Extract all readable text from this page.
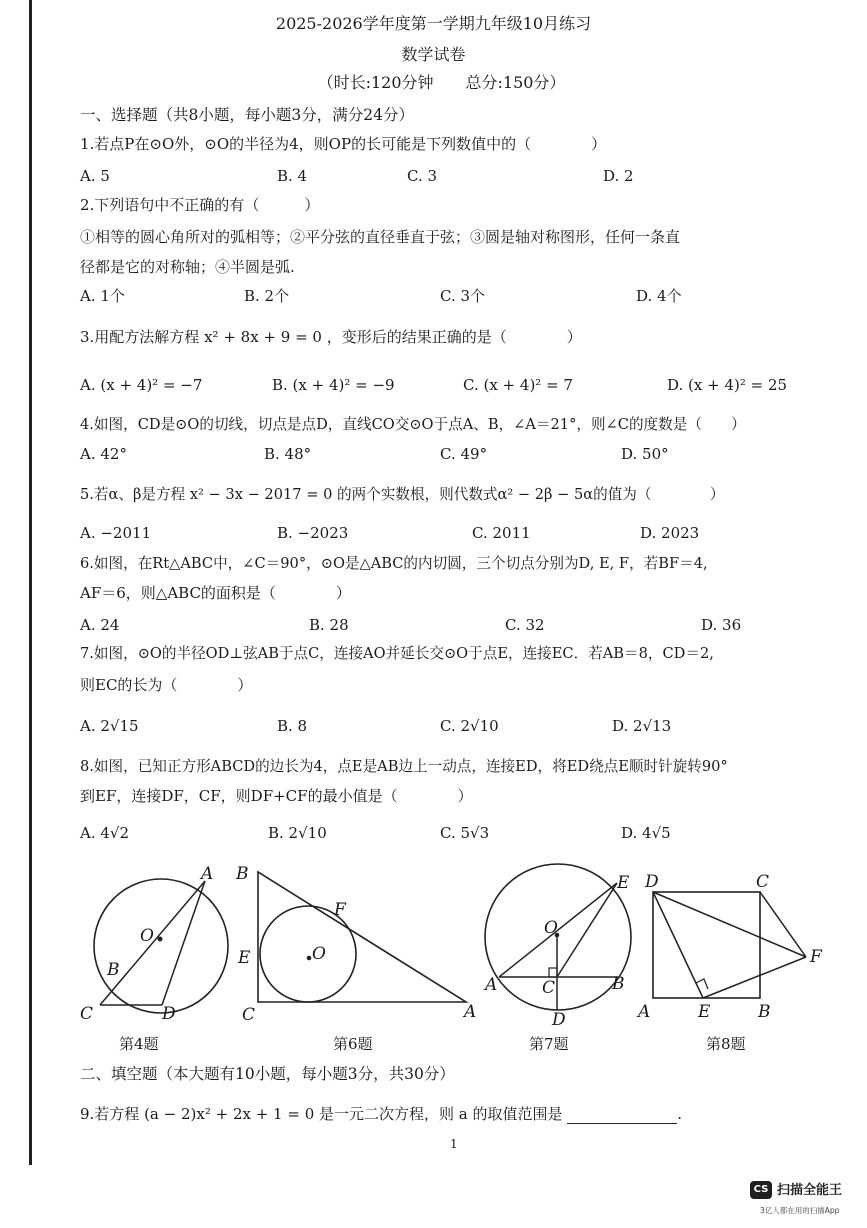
2025-2026学年度第一学期九年级10月练习
数学试卷
（时长:120分钟　　总分:150分）
一、选择题（共8小题，每小题3分，满分24分）
1.若点P在⊙O外，⊙O的半径为4，则OP的长可能是下列数值中的（　　　　）
A. 5	B. 4	C. 3	D. 2
2.下列语句中不正确的有（　　　）
①相等的圆心角所对的弧相等；②平分弦的直径垂直于弦；③圆是轴对称图形，任何一条直
径都是它的对称轴；④半圆是弧.
A. 1个	B. 2个	C. 3个	D. 4个
3.用配方法解方程 x² + 8x + 9 = 0 ，变形后的结果正确的是（　　　　）
A. (x + 4)² = −7	B. (x + 4)² = −9	C. (x + 4)² = 7	D. (x + 4)² = 25
4.如图，CD是⊙O的切线，切点是点D，直线CO交⊙O于点A、B，∠A＝21°，则∠C的度数是（　　）
A. 42°	B. 48°	C. 49°	D. 50°
5.若α、β是方程 x² − 3x − 2017 = 0 的两个实数根，则代数式α² − 2β − 5α的值为（　　　　）
A. −2011	B. −2023	C. 2011	D. 2023
6.如图，在Rt△ABC中，∠C＝90°，⊙O是△ABC的内切圆，三个切点分别为D, E, F，若BF＝4,
AF＝6，则△ABC的面积是（　　　　）
A. 24	B. 28	C. 32	D. 36
7.如图，⊙O的半径OD⊥弦AB于点C，连接AO并延长交⊙O于点E，连接EC．若AB＝8，CD＝2,
则EC的长为（　　　　）
A. 2√15	B. 8	C. 2√10	D. 2√13
8.如图，已知正方形ABCD的边长为4，点E是AB边上一动点，连接ED，将ED绕点E顺时针旋转90°
到EF，连接DF，CF，则DF+CF的最小值是（　　　　）
A. 4√2	B. 2√10	C. 5√3	D. 4√5
A
O
B
C	D
第4题
B
F
E	O
C	A
第6题
E
O
A	C	B
D
第7题
D	C
F
A	E	B
第8题
二、填空题（本大题有10小题，每小题3分，共30分）
9.若方程 (a − 2)x² + 2x + 1 = 0 是一元二次方程，则 a 的取值范围是	.
1
CS 扫描全能王
3亿人都在用的扫描App
